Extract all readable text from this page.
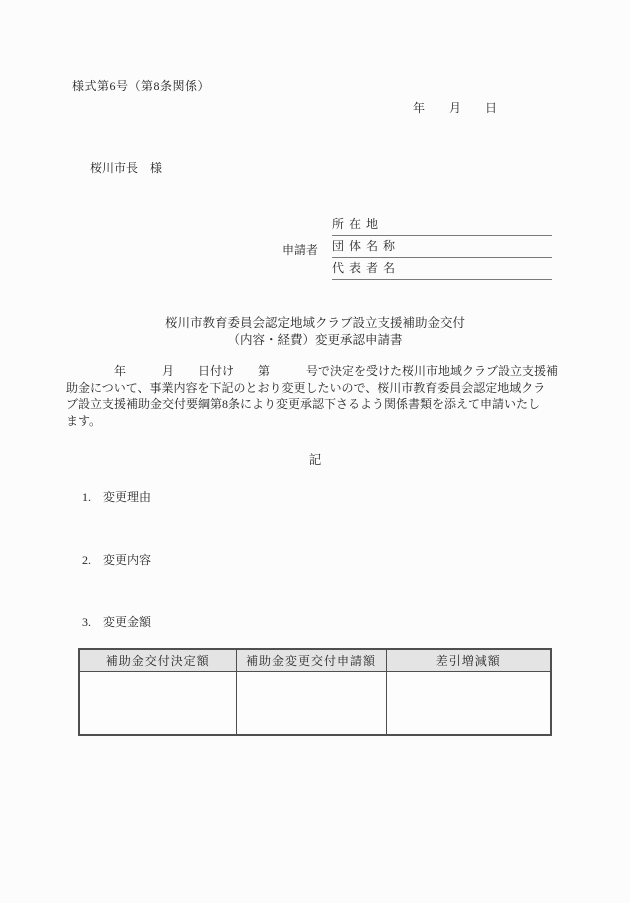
様式第6号（第8条関係）
年　　月　　日
桜川市長　様
申請者
所 在 地
団 体 名 称
代 表 者 名
桜川市教育委員会認定地域クラブ設立支援補助金交付
（内容・経費）変更承認申請書
　　　　年　　　月　　日付け　　第　　　号で決定を受けた桜川市地域クラブ設立支援補
助金について、事業内容を下記のとおり変更したいので、桜川市教育委員会認定地域クラ
ブ設立支援補助金交付要綱第8条により変更承認下さるよう関係書類を添えて申請いたし
ます。
記
1.　変更理由
2.　変更内容
3.　変更金額
補助金交付決定額	補助金変更交付申請額	差引増減額
